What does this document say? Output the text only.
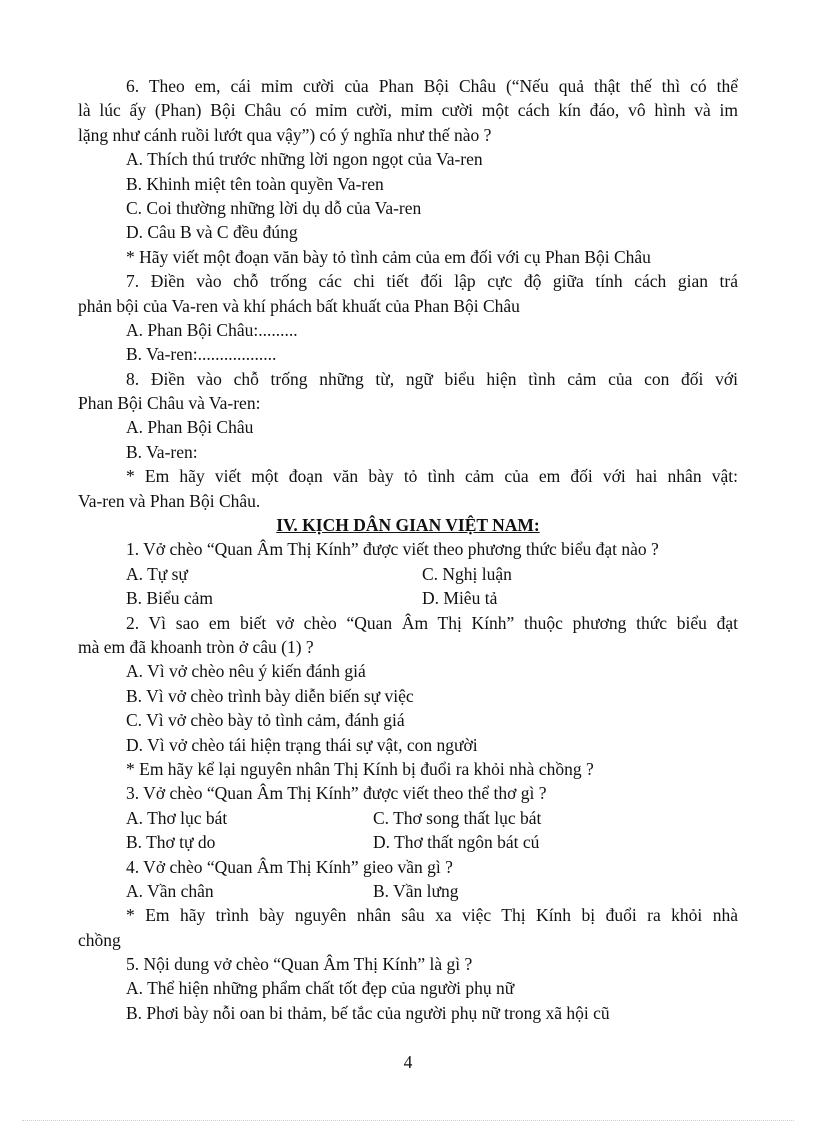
6. Theo em, cái mỉm cười của Phan Bội Châu (“Nếu quả thật thế thì có thể
là lúc ấy (Phan) Bội Châu có mỉm cười, mỉm cười một cách kín đáo, vô hình và im
lặng như cánh ruồi lướt qua vậy”) có ý nghĩa như thế nào ?
A. Thích thú trước những lời ngon ngọt của Va-ren
B. Khinh miệt tên toàn quyền Va-ren
C. Coi thường những lời dụ dỗ của Va-ren
D. Câu B và C đều đúng
* Hãy viết một đoạn văn bày tỏ tình cảm của em đối với cụ Phan Bội Châu
7. Điền vào chỗ trống các chi tiết đối lập cực độ giữa tính cách gian trá
phản bội của Va-ren và khí phách bất khuất của Phan Bội Châu
A. Phan Bội Châu:.........
B. Va-ren:..................
8. Điền vào chỗ trống những từ, ngữ biểu hiện tình cảm của con đối với
Phan Bội Châu và Va-ren:
A. Phan Bội Châu
B. Va-ren:
* Em hãy viết một đoạn văn bày tỏ tình cảm của em đối với hai nhân vật:
Va-ren và Phan Bội Châu.
IV. KỊCH DÂN GIAN VIỆT NAM:
1. Vở chèo “Quan Âm Thị Kính” được viết theo phương thức biểu đạt nào ?
A. Tự sự	C. Nghị luận
B. Biểu cảm	D. Miêu tả
2. Vì sao em biết vở chèo “Quan Âm Thị Kính” thuộc phương thức biểu đạt
mà em đã khoanh tròn ở câu (1) ?
A. Vì vở chèo nêu ý kiến đánh giá
B. Vì vở chèo trình bày diễn biến sự việc
C. Vì vở chèo bày tỏ tình cảm, đánh giá
D. Vì vở chèo tái hiện trạng thái sự vật, con người
* Em hãy kể lại nguyên nhân Thị Kính bị đuổi ra khỏi nhà chồng ?
3. Vở chèo “Quan Âm Thị Kính” được viết theo thể thơ gì ?
A. Thơ lục bát	C. Thơ song thất lục bát
B. Thơ tự do	D. Thơ thất ngôn bát cú
4. Vở chèo “Quan Âm Thị Kính” gieo vần gì ?
A. Vần chân	B. Vần lưng
* Em hãy trình bày nguyên nhân sâu xa việc Thị Kính bị đuổi ra khỏi nhà
chồng
5. Nội dung vở chèo “Quan Âm Thị Kính” là gì ?
A. Thể hiện những phẩm chất tốt đẹp của người phụ nữ
B. Phơi bày nỗi oan bi thảm, bế tắc của người phụ nữ trong xã hội cũ
4
